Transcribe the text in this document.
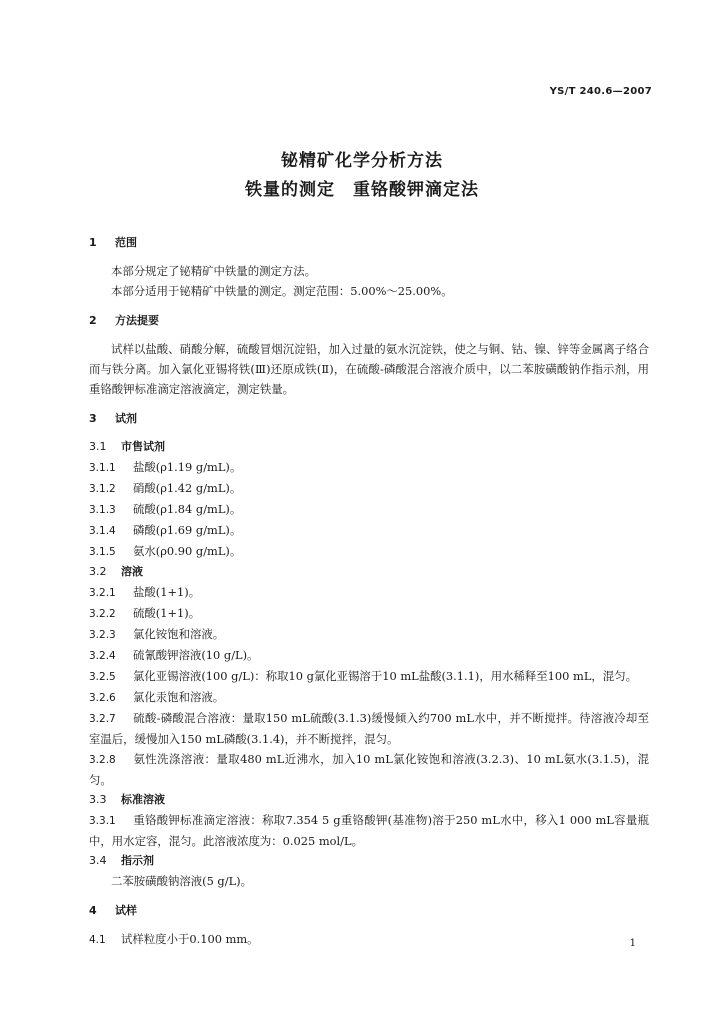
YS/T 240.6—2007
铋精矿化学分析方法
铁量的测定　重铬酸钾滴定法
1 范围
本部分规定了铋精矿中铁量的测定方法。
本部分适用于铋精矿中铁量的测定。测定范围：5.00%～25.00%。
2 方法提要
试样以盐酸、硝酸分解，硫酸冒烟沉淀铅，加入过量的氨水沉淀铁，使之与铜、钴、镍、锌等金属离子络合而与铁分离。加入氯化亚锡将铁(Ⅲ)还原成铁(Ⅱ)，在硫酸-磷酸混合溶液介质中，以二苯胺磺酸钠作指示剂，用重铬酸钾标准滴定溶液滴定，测定铁量。
3 试剂
3.1 市售试剂
3.1.1 盐酸(ρ1.19 g/mL)。
3.1.2 硝酸(ρ1.42 g/mL)。
3.1.3 硫酸(ρ1.84 g/mL)。
3.1.4 磷酸(ρ1.69 g/mL)。
3.1.5 氨水(ρ0.90 g/mL)。
3.2 溶液
3.2.1 盐酸(1+1)。
3.2.2 硫酸(1+1)。
3.2.3 氯化铵饱和溶液。
3.2.4 硫氰酸钾溶液(10 g/L)。
3.2.5 氯化亚锡溶液(100 g/L)：称取10 g氯化亚锡溶于10 mL盐酸(3.1.1)，用水稀释至100 mL，混匀。
3.2.6 氯化汞饱和溶液。
3.2.7 硫酸-磷酸混合溶液：量取150 mL硫酸(3.1.3)缓慢倾入约700 mL水中，并不断搅拌。待溶液冷却至室温后，缓慢加入150 mL磷酸(3.1.4)，并不断搅拌，混匀。
3.2.8 氨性洗涤溶液：量取480 mL近沸水，加入10 mL氯化铵饱和溶液(3.2.3)、10 mL氨水(3.1.5)，混匀。
3.3 标准溶液
3.3.1 重铬酸钾标准滴定溶液：称取7.354 5 g重铬酸钾(基准物)溶于250 mL水中，移入1 000 mL容量瓶中，用水定容，混匀。此溶液浓度为：0.025 mol/L。
3.4 指示剂
二苯胺磺酸钠溶液(5 g/L)。
4 试样
4.1 试样粒度小于0.100 mm。	1
